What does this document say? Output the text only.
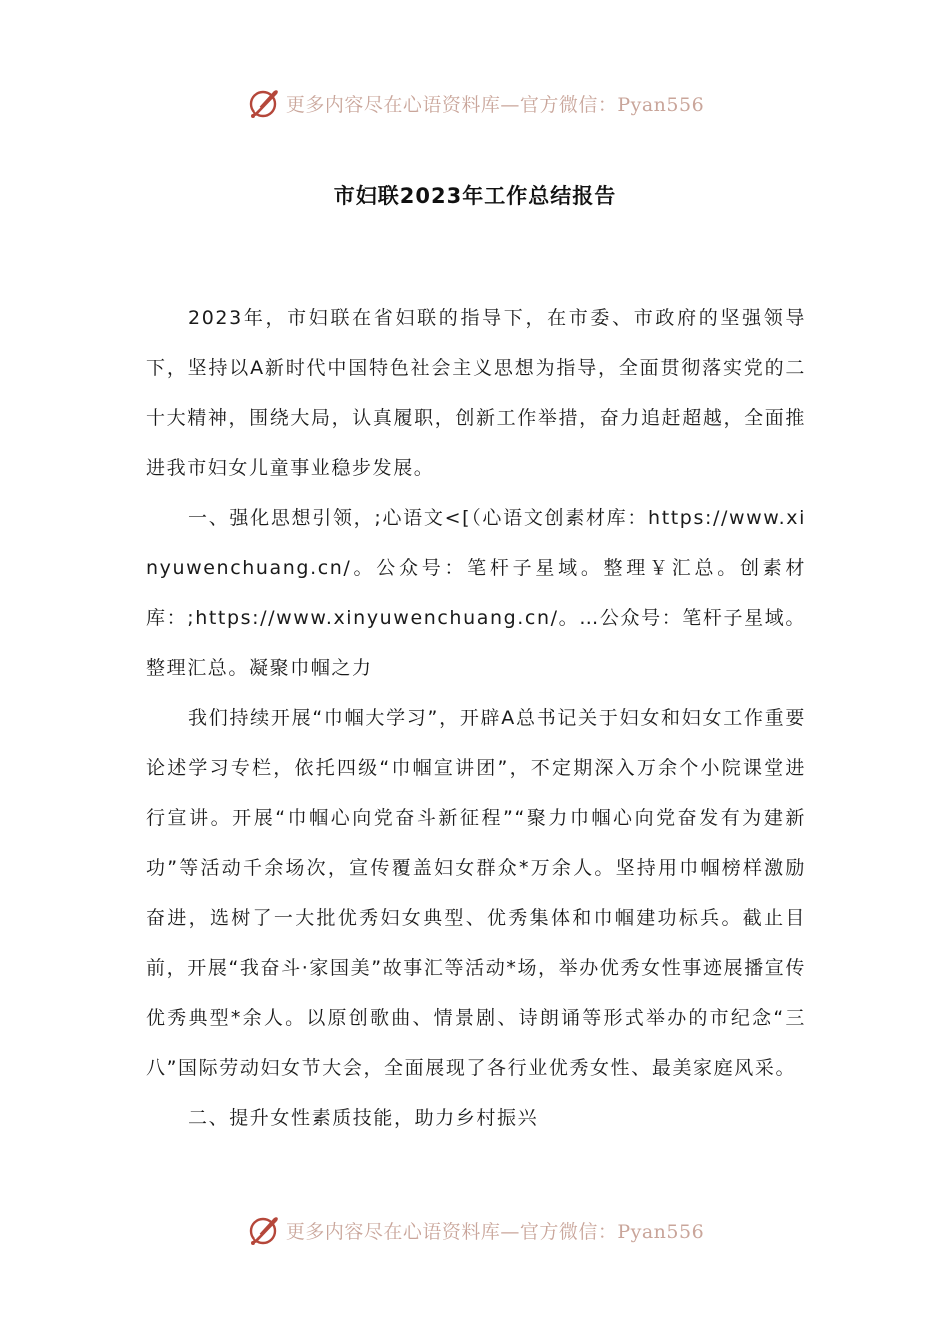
更多内容尽在心语资料库—官方微信：Pyan556
市妇联2023年工作总结报告

2023年，市妇联在省妇联的指导下，在市委、市政府的坚强领导下，坚持以A新时代中国特色社会主义思想为指导，全面贯彻落实党的二十大精神，围绕大局，认真履职，创新工作举措，奋力追赶超越，全面推进我市妇女儿童事业稳步发展。

一、强化思想引领，;心语文<[（心语文创素材库：https://www.xinyuwenchuang.cn/。公众号：笔杆子星域。整理￥汇总。创素材库：;https://www.xinyuwenchuang.cn/。…公众号：笔杆子星域。整理汇总。凝聚巾帼之力

我们持续开展“巾帼大学习”，开辟A总书记关于妇女和妇女工作重要论述学习专栏，依托四级“巾帼宣讲团”，不定期深入万余个小院课堂进行宣讲。开展“巾帼心向党奋斗新征程”“聚力巾帼心向党奋发有为建新功”等活动千余场次，宣传覆盖妇女群众*万余人。坚持用巾帼榜样激励奋进，选树了一大批优秀妇女典型、优秀集体和巾帼建功标兵。截止目前，开展“我奋斗·家国美”故事汇等活动*场，举办优秀女性事迹展播宣传优秀典型*余人。以原创歌曲、情景剧、诗朗诵等形式举办的市纪念“三八”国际劳动妇女节大会，全面展现了各行业优秀女性、最美家庭风采。

二、提升女性素质技能，助力乡村振兴

更多内容尽在心语资料库—官方微信：Pyan556
